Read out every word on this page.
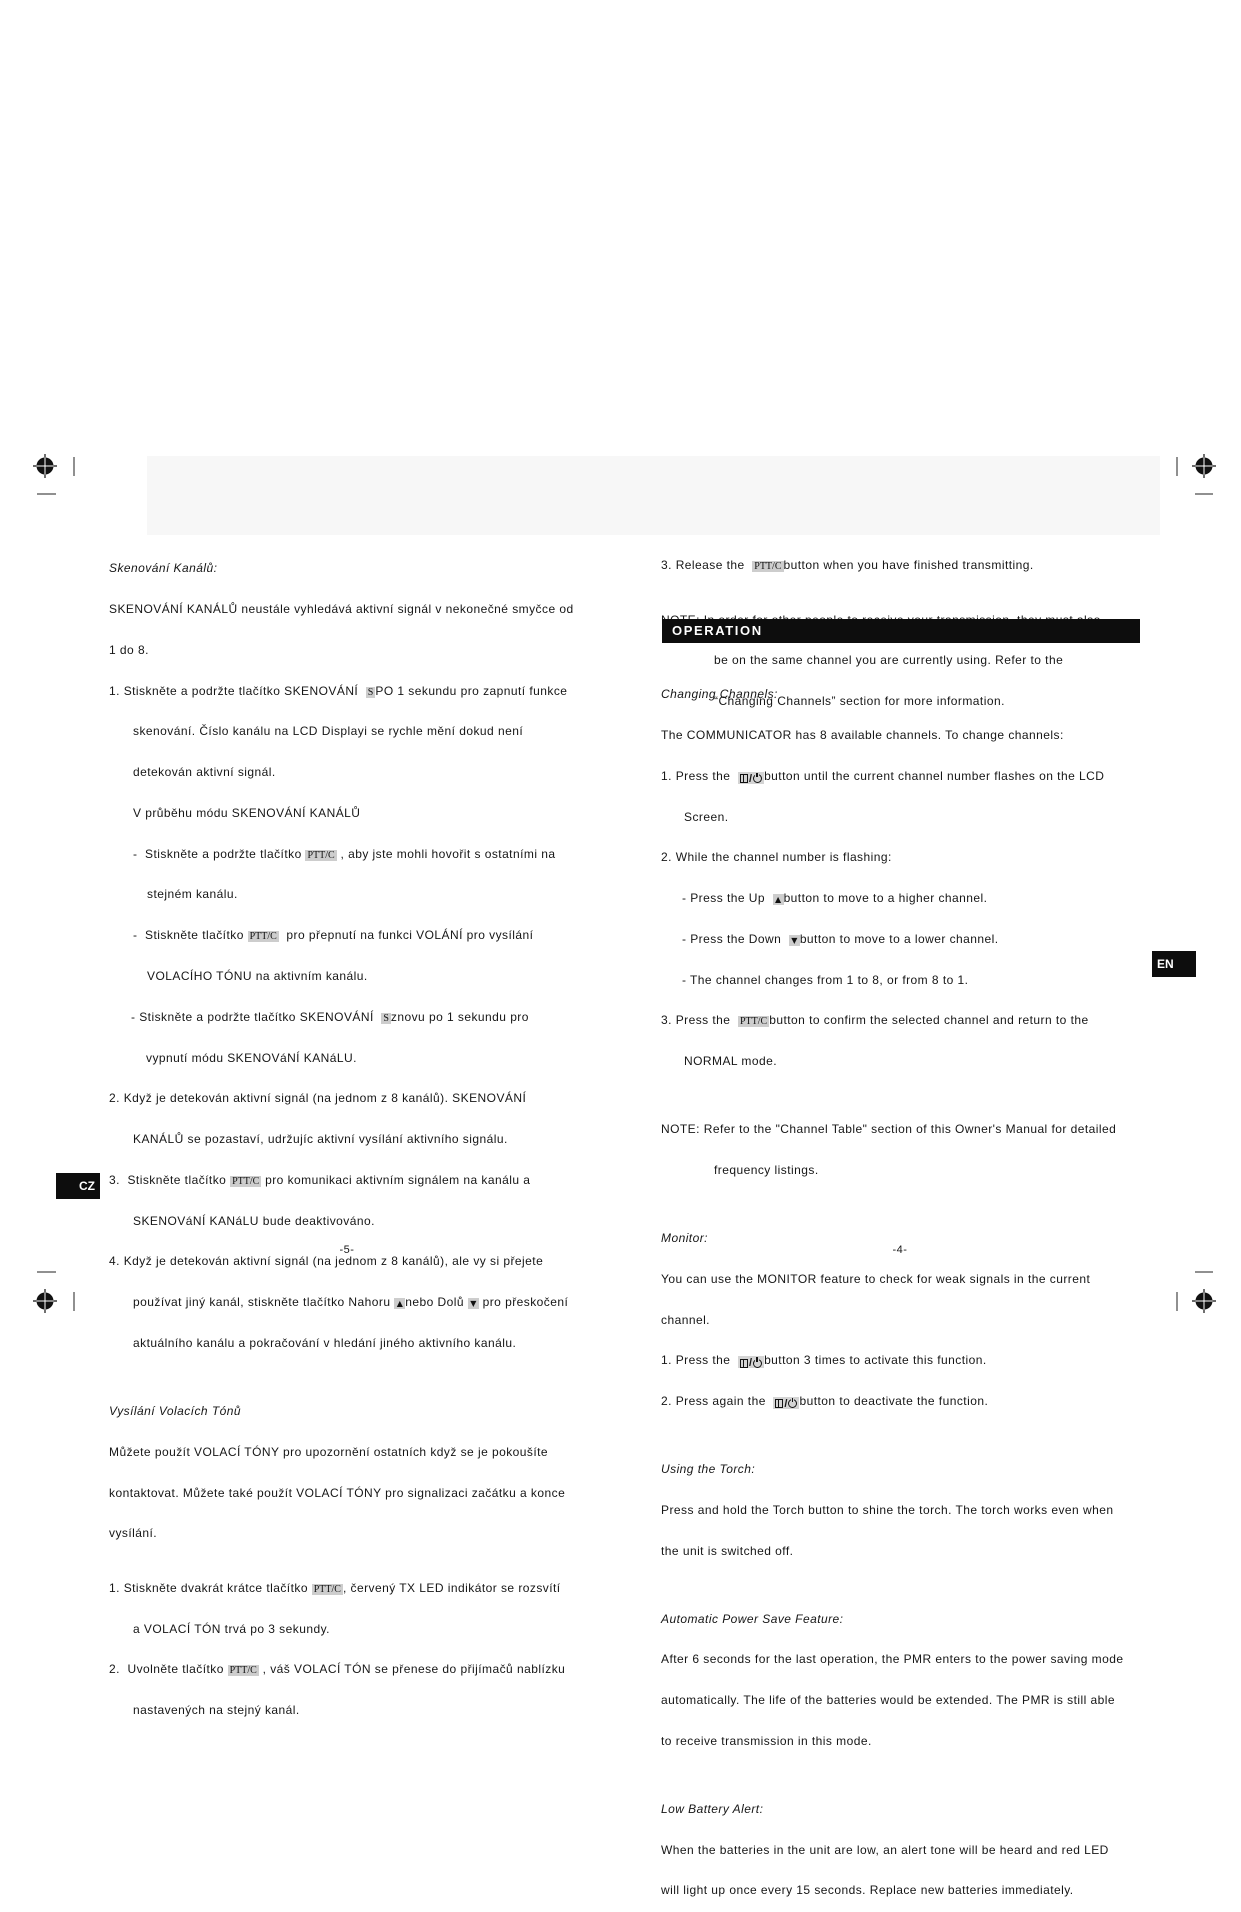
Skenování Kanálů:

SKENOVÁNÍ KANÁLŮ neustále vyhledává aktivní signál v nekonečné smyčce od

1 do 8.

1. Stiskněte a podržte tlačítko SKENOVÁNÍ  S PO 1 sekundu pro zapnutí funkce

skenování. Číslo kanálu na LCD Displayi se rychle mění dokud není

detekován aktivní signál.

V průběhu módu SKENOVÁNÍ KANÁLŮ

-  Stiskněte a podržte tlačítko PTT/C , aby jste mohli hovořit s ostatními na

stejném kanálu.

-  Stiskněte tlačítko PTT/C  pro přepnutí na funkci VOLÁNÍ pro vysílání

VOLACÍHO TÓNU na aktivním kanálu.

- Stiskněte a podržte tlačítko SKENOVÁNÍ  S znovu po 1 sekundu pro

vypnutí módu SKENOVáNÍ KANáLU.

2. Když je detekován aktivní signál (na jednom z 8 kanálů). SKENOVÁNÍ

KANÁLŮ se pozastaví, udržujíc aktivní vysílání aktivního signálu.

3.  Stiskněte tlačítko PTT/C pro komunikaci aktivním signálem na kanálu a

SKENOVáNÍ KANáLU bude deaktivováno.

4. Když je detekován aktivní signál (na jednom z 8 kanálů), ale vy si přejete

používat jiný kanál, stiskněte tlačítko Nahoru ▲ nebo Dolů ▼ pro přeskočení

aktuálního kanálu a pokračování v hledání jiného aktivního kanálu.

Vysílání Volacích Tónů

Můžete použít VOLACÍ TÓNY pro upozornění ostatních když se je pokoušíte

kontaktovat. Můžete také použít VOLACÍ TÓNY pro signalizaci začátku a konce

vysílání.

1. Stiskněte dvakrát krátce tlačítko PTT/C , červený TX LED indikátor se rozsvítí

a VOLACÍ TÓN trvá po 3 sekundy.

2.  Uvolněte tlačítko PTT/C , váš VOLACÍ TÓN se přenese do přijímačů nablízku

nastavených na stejný kanál.

CZ
-5-

3. Release the  PTT/C button when you have finished transmitting.

be on the same channel you are currently using. Refer to the

“Changing Channels” section for more information.

OPERATION

Changing Channels:

The COMMUNICATOR has 8 available channels. To change channels:

1. Press the  / button until the current channel number flashes on the LCD

Screen.

2. While the channel number is flashing:

- Press the Up  ▲ button to move to a higher channel.

- Press the Down  ▼ button to move to a lower channel.

- The channel changes from 1 to 8, or from 8 to 1.

3. Press the  PTT/C button to confirm the selected channel and return to the

NORMAL mode.

NOTE: Refer to the "Channel Table" section of this Owner's Manual for detailed

frequency listings.

Monitor:

You can use the MONITOR feature to check for weak signals in the current

channel.

1. Press the  / button 3 times to activate this function.

2. Press again the  / button to deactivate the function.

Using the Torch:

Press and hold the Torch button to shine the torch. The torch works even when

the unit is switched off.

Automatic Power Save Feature:

After 6 seconds for the last operation, the PMR enters to the power saving mode

automatically. The life of the batteries would be extended. The PMR is still able

to receive transmission in this mode.

Low Battery Alert:

When the batteries in the unit are low, an alert tone will be heard and red LED

will light up once every 15 seconds. Replace new batteries immediately.

EN
-4-
